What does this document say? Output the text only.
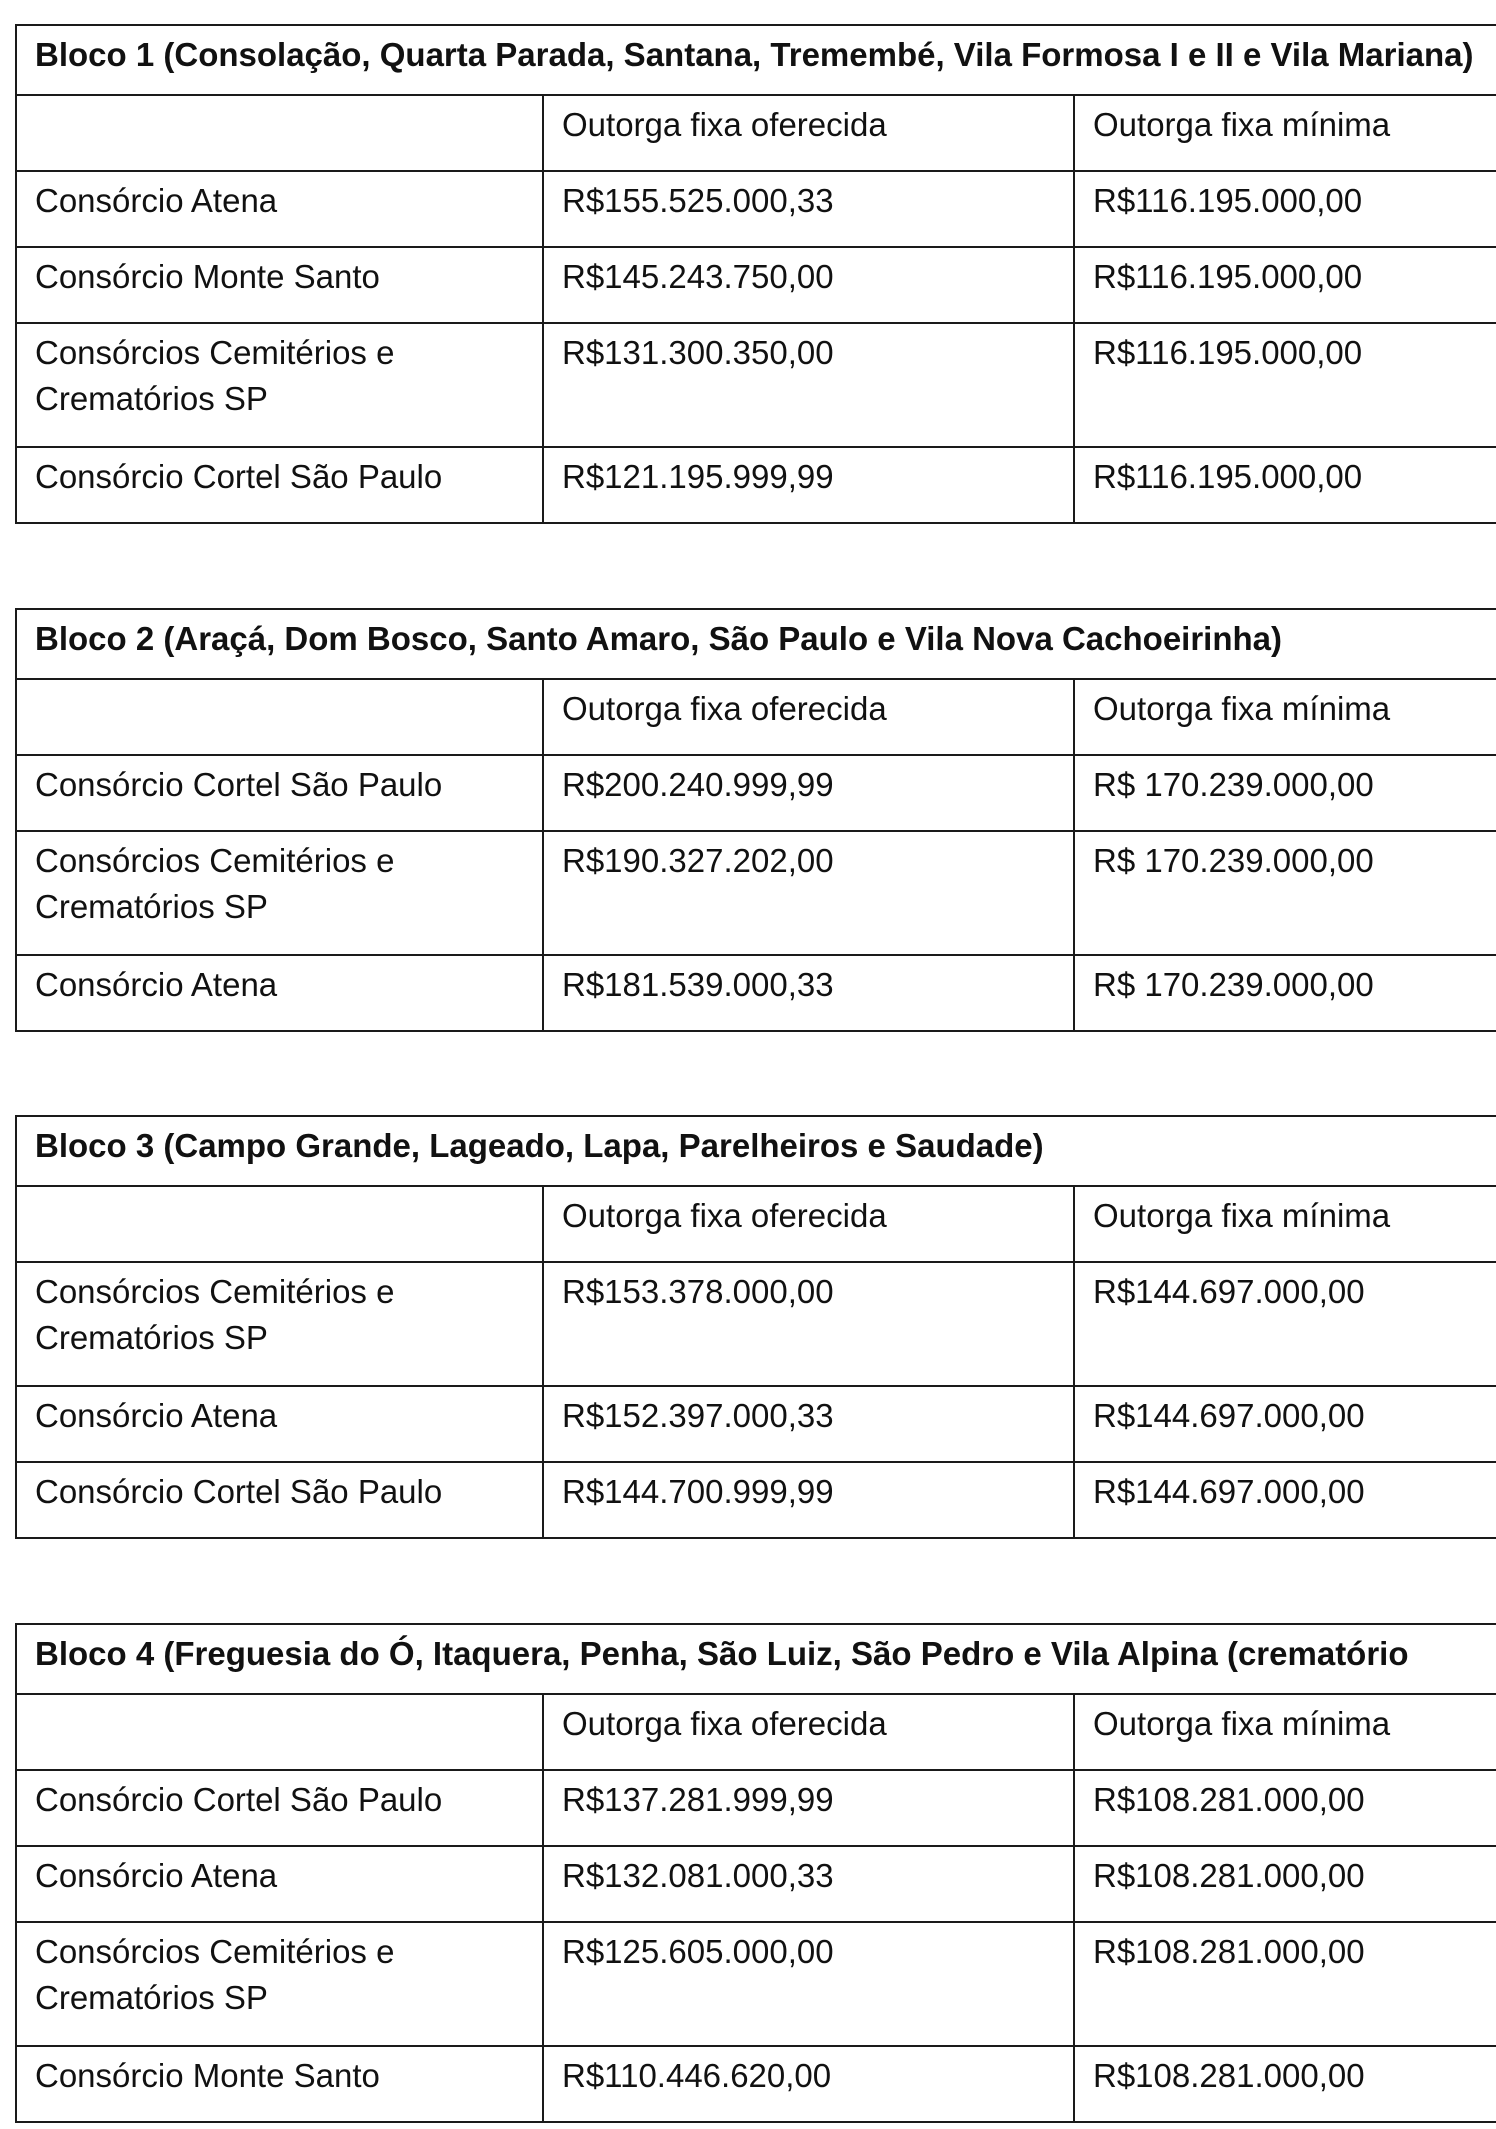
Bloco 1 (Consolação, Quarta Parada, Santana, Tremembé, Vila Formosa I e II e Vila Mariana)		
	Outorga fixa oferecida	Outorga fixa mínima
Consórcio Atena	R$155.525.000,33	R$116.195.000,00
Consórcio Monte Santo	R$145.243.750,00	R$116.195.000,00
Consórcios Cemitérios e Crematórios SP	R$131.300.350,00	R$116.195.000,00
Consórcio Cortel São Paulo	R$121.195.999,99	R$116.195.000,00
Bloco 2 (Araçá, Dom Bosco, Santo Amaro, São Paulo e Vila Nova Cachoeirinha)		
	Outorga fixa oferecida	Outorga fixa mínima
Consórcio Cortel São Paulo	R$200.240.999,99	R$ 170.239.000,00
Consórcios Cemitérios e Crematórios SP	R$190.327.202,00	R$ 170.239.000,00
Consórcio Atena	R$181.539.000,33	R$ 170.239.000,00
Bloco 3 (Campo Grande, Lageado, Lapa, Parelheiros e Saudade)		
	Outorga fixa oferecida	Outorga fixa mínima
Consórcios Cemitérios e Crematórios SP	R$153.378.000,00	R$144.697.000,00
Consórcio Atena	R$152.397.000,33	R$144.697.000,00
Consórcio Cortel São Paulo	R$144.700.999,99	R$144.697.000,00
Bloco 4 (Freguesia do Ó, Itaquera, Penha, São Luiz, São Pedro e Vila Alpina (crematório		
	Outorga fixa oferecida	Outorga fixa mínima
Consórcio Cortel São Paulo	R$137.281.999,99	R$108.281.000,00
Consórcio Atena	R$132.081.000,33	R$108.281.000,00
Consórcios Cemitérios e Crematórios SP	R$125.605.000,00	R$108.281.000,00
Consórcio Monte Santo	R$110.446.620,00	R$108.281.000,00
